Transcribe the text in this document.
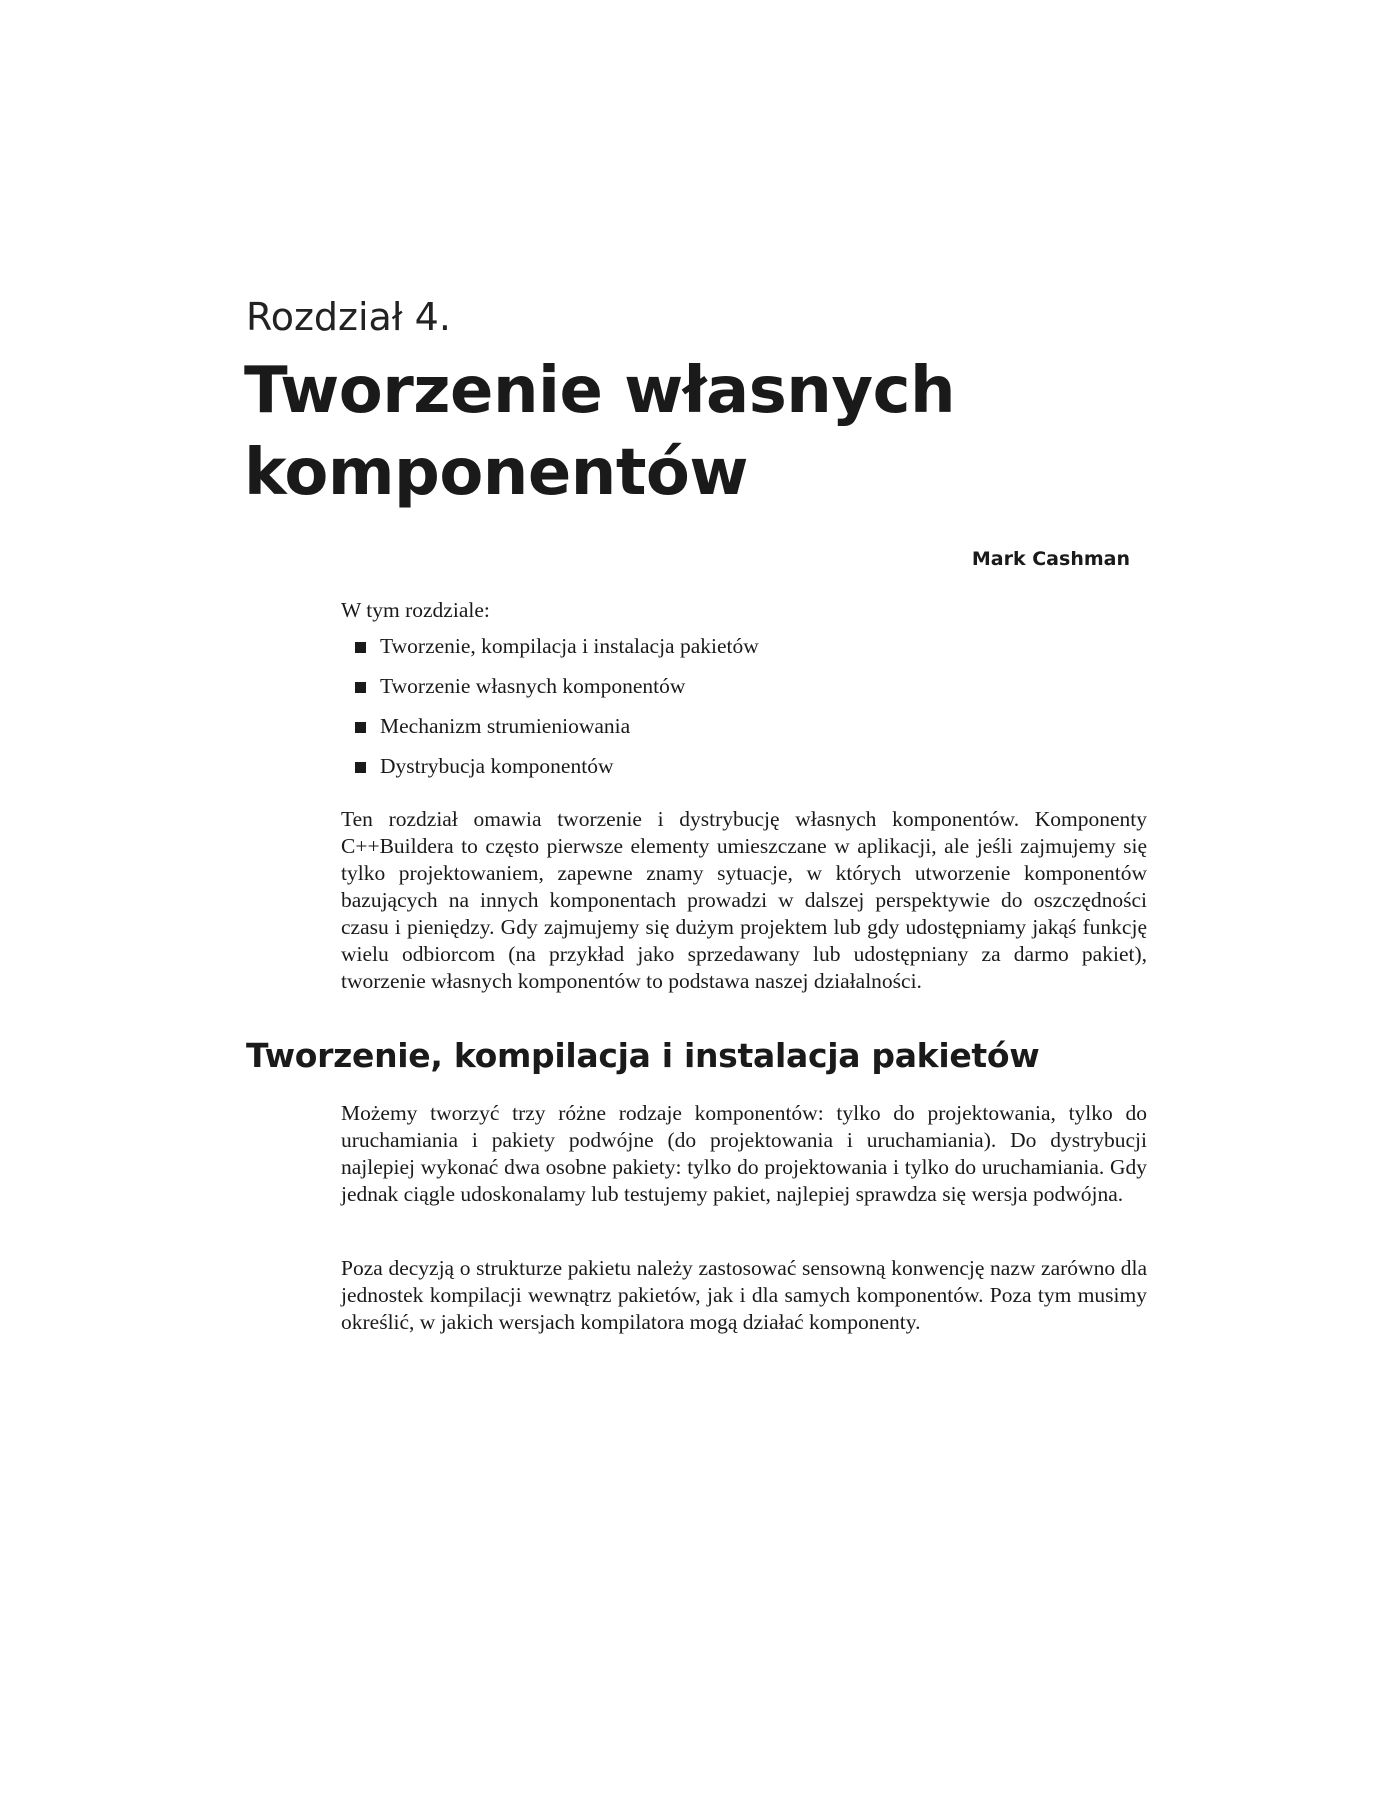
Rozdział 4.
Tworzenie własnych komponentów
Mark Cashman
W tym rozdziale:
Tworzenie, kompilacja i instalacja pakietów
Tworzenie własnych komponentów
Mechanizm strumieniowania
Dystrybucja komponentów

Ten rozdział omawia tworzenie i dystrybucję własnych komponentów. Komponenty C++Buildera to często pierwsze elementy umieszczane w aplikacji, ale jeśli zajmujemy się tylko projektowaniem, zapewne znamy sytuacje, w których utworzenie komponentów bazujących na innych komponentach prowadzi w dalszej perspektywie do oszczędności czasu i pieniędzy. Gdy zajmujemy się dużym projektem lub gdy udostępniamy jakąś funkcję wielu odbiorcom (na przykład jako sprzedawany lub udostępniany za darmo pakiet), tworzenie własnych komponentów to podstawa naszej działalności.

Tworzenie, kompilacja i instalacja pakietów

Możemy tworzyć trzy różne rodzaje komponentów: tylko do projektowania, tylko do uruchamiania i pakiety podwójne (do projektowania i uruchamiania). Do dystrybucji najlepiej wykonać dwa osobne pakiety: tylko do projektowania i tylko do uruchamiania. Gdy jednak ciągle udoskonalamy lub testujemy pakiet, najlepiej sprawdza się wersja podwójna.

Poza decyzją o strukturze pakietu należy zastosować sensowną konwencję nazw zarówno dla jednostek kompilacji wewnątrz pakietów, jak i dla samych komponentów. Poza tym musimy określić, w jakich wersjach kompilatora mogą działać komponenty.
